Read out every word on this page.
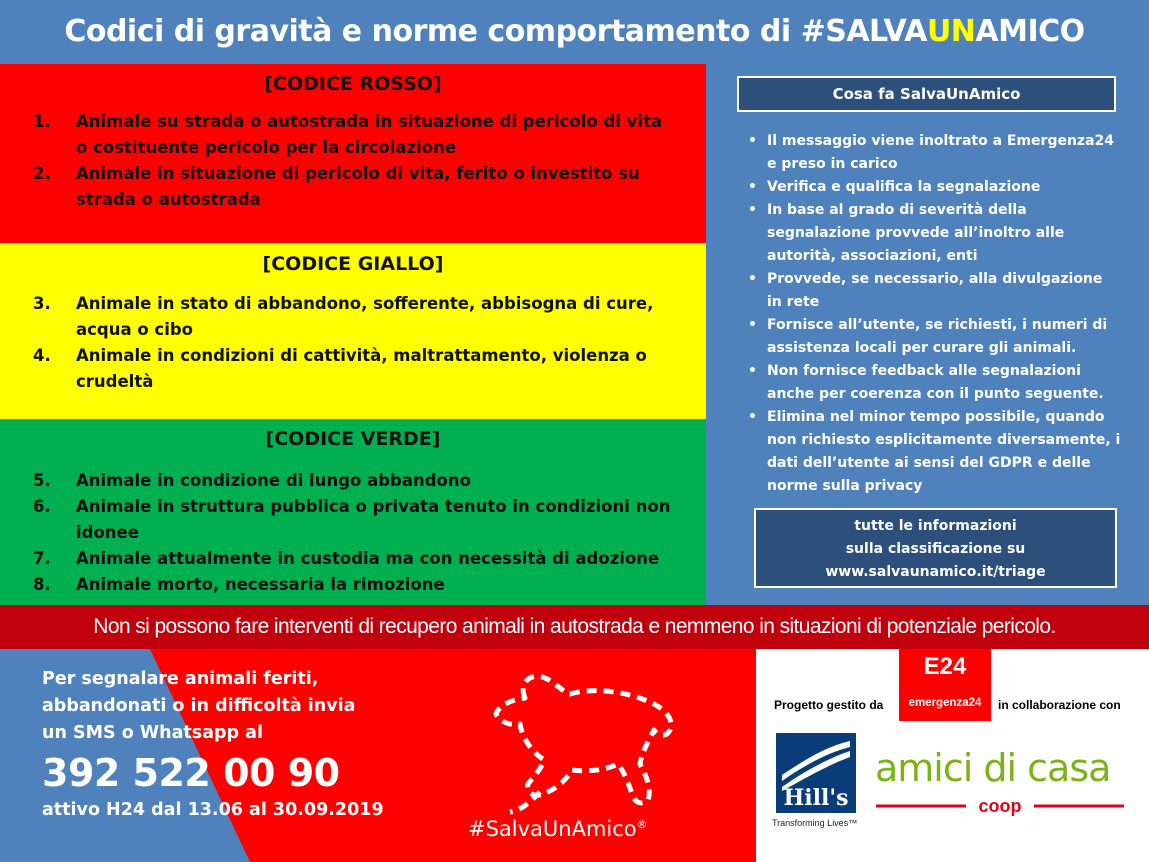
Codici di gravità e norme comportamento di #SALVA UN AMICO
[CODICE ROSSO]
1. Animale su strada o autostrada in situazione di pericolo di vita o costituente pericolo per la circolazione
2. Animale in situazione di pericolo di vita, ferito o investito su strada o autostrada
[CODICE GIALLO]
3. Animale in stato di abbandono, sofferente, abbisogna di cure, acqua o cibo
4. Animale in condizioni di cattività, maltrattamento, violenza o crudeltà
[CODICE VERDE]
5. Animale in condizione di lungo abbandono
6. Animale in struttura pubblica o privata tenuto in condizioni non idonee
7. Animale attualmente in custodia ma con necessità di adozione
8. Animale morto, necessaria la rimozione
Cosa fa SalvaUnAmico
• Il messaggio viene inoltrato a Emergenza24 e preso in carico
• Verifica e qualifica la segnalazione
• In base al grado di severità della segnalazione provvede all’inoltro alle autorità, associazioni, enti
• Provvede, se necessario, alla divulgazione in rete
• Fornisce all’utente, se richiesti, i numeri di assistenza locali per curare gli animali.
• Non fornisce feedback alle segnalazioni anche per coerenza con il punto seguente.
• Elimina nel minor tempo possibile, quando non richiesto esplicitamente diversamente, i dati dell’utente ai sensi del GDPR e delle norme sulla privacy
tutte le informazioni
sulla classificazione su
www.salvaunamico.it/triage
Non si possono fare interventi di recupero animali in autostrada e nemmeno in situazioni di potenziale pericolo.
Per segnalare animali feriti,
abbandonati o in difficoltà invia
un SMS o Whatsapp al
392 522 00 90
attivo H24 dal 13.06 al 30.09.2019
#SalvaUnAmico®
E24
emergenza24
Progetto gestito da	in collaborazione con
Hill's
Transforming Lives™
amici di casa
coop
